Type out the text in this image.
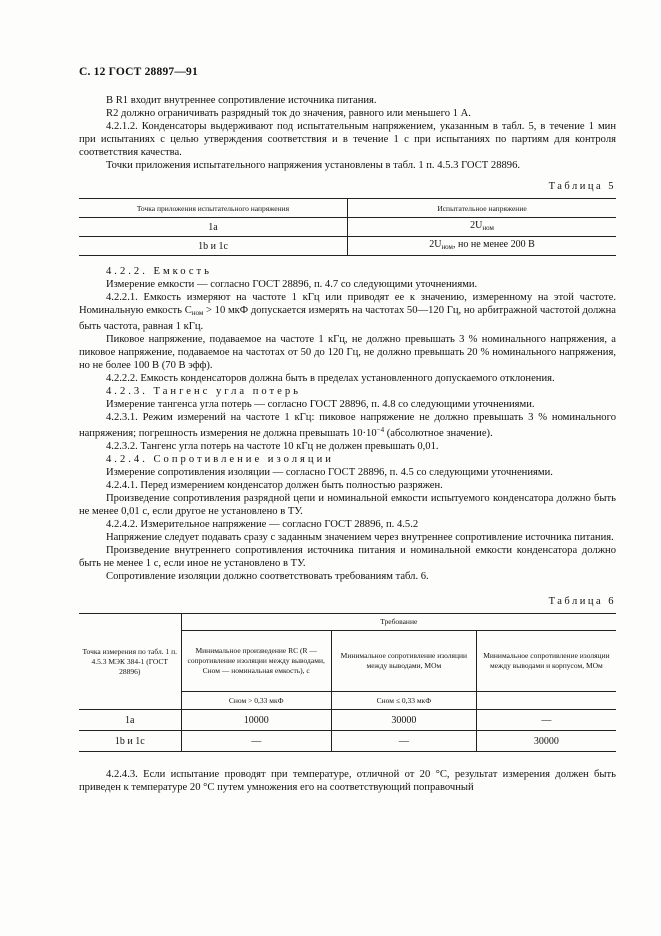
С. 12 ГОСТ 28897—91

В R1 входит внутреннее сопротивление источника питания.

R2 должно ограничивать разрядный ток до значения, равного или меньшего 1 А.

4.2.1.2. Конденсаторы выдерживают под испытательным напряжением, указанным в табл. 5, в течение 1 мин при испытаниях с целью утверждения соответствия и в течение 1 с при испытаниях по партиям для контроля соответствия качества.

Точки приложения испытательного напряжения установлены в табл. 1 п. 4.5.3 ГОСТ 28896.

Таблица 5
Точка приложения испытательного напряжения	Испытательное напряжение
1а	$2U_{ном}$
1b и 1c	$2U_{ном}$, но не менее 200 В

4.2.2. Емкость

Измерение емкости — согласно ГОСТ 28896, п. 4.7 со следующими уточнениями.

4.2.2.1. Емкость измеряют на частоте 1 кГц или приводят ее к значению, измеренному на этой частоте. Номинальную емкость $C_{ном} > 10$ мкФ допускается измерять на частотах 50—120 Гц, но арбитражной частотой должна быть частота, равная 1 кГц.

Пиковое напряжение, подаваемое на частоте 1 кГц, не должно превышать 3 % номинального напряжения, а пиковое напряжение, подаваемое на частотах от 50 до 120 Гц, не должно превышать 20 % номинального напряжения, но не более 100 В (70 В эфф).

4.2.2.2. Емкость конденсаторов должна быть в пределах установленного допускаемого отклонения.

4.2.3. Тангенс угла потерь

Измерение тангенса угла потерь — согласно ГОСТ 28896, п. 4.8 со следующими уточнениями.

4.2.3.1. Режим измерений на частоте 1 кГц: пиковое напряжение не должно превышать 3 % номинального напряжения; погрешность измерения не должна превышать $10\cdot 10^{-4}$ (абсолютное значение).

4.2.3.2. Тангенс угла потерь на частоте 10 кГц не должен превышать 0,01.

4.2.4. Сопротивление изоляции

Измерение сопротивления изоляции — согласно ГОСТ 28896, п. 4.5 со следующими уточнениями.

4.2.4.1. Перед измерением конденсатор должен быть полностью разряжен.

Произведение сопротивления разрядной цепи и номинальной емкости испытуемого конденсатора должно быть не менее 0,01 с, если другое не установлено в ТУ.

4.2.4.2. Измерительное напряжение — согласно ГОСТ 28896, п. 4.5.2

Напряжение следует подавать сразу с заданным значением через внутреннее сопротивление источника питания.

Произведение внутреннего сопротивления источника питания и номинальной емкости конденсатора должно быть не менее 1 с, если иное не установлено в ТУ.

Сопротивление изоляции должно соответствовать требованиям табл. 6.

Таблица 6
Точка измерения по табл. 1 п. 4.5.3 МЭК 384-1 (ГОСТ 28896)	Требование		
	Минимальное произведение RC (R — сопротивление изоляции между выводами, Cном — номинальная емкость), с	Минимальное сопротивление изоляции между выводами, МОм	Минимальное сопротивление изоляции между выводами и корпусом, МОм
	Cном > 0,33 мкФ	Cном ≤ 0,33 мкФ	
1а	10000	30000	—
1b и 1c	—	—	30000

4.2.4.3. Если испытание проводят при температуре, отличной от 20 °С, результат измерения должен быть приведен к температуре 20 °С путем умножения его на соответствующий поправочный
